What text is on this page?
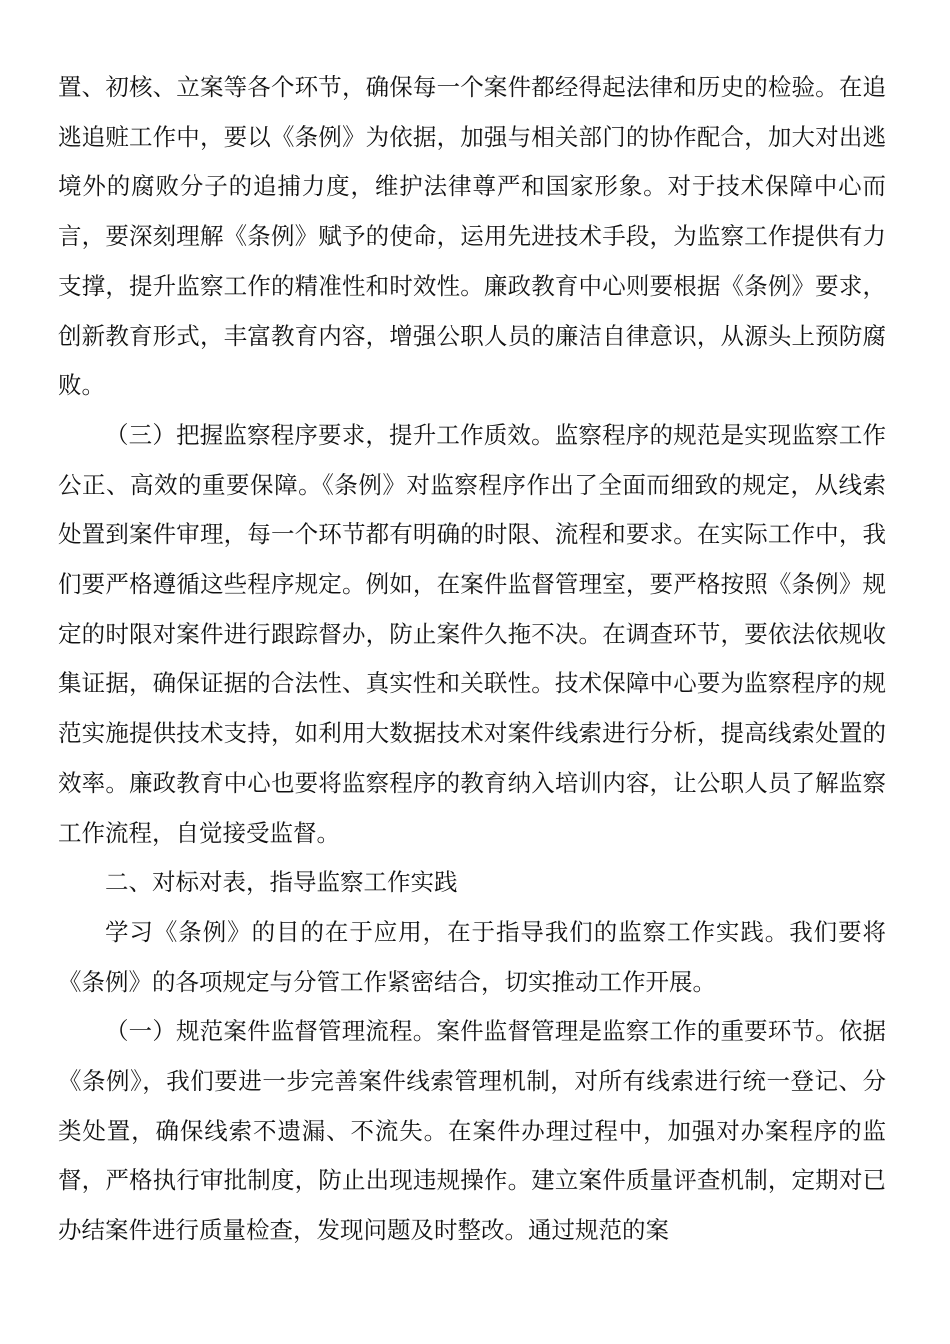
置、初核、立案等各个环节，确保每一个案件都经得起法律和历史的检验。在追逃追赃工作中，要以《条例》为依据，加强与相关部门的协作配合，加大对出逃境外的腐败分子的追捕力度，维护法律尊严和国家形象。对于技术保障中心而言，要深刻理解《条例》赋予的使命，运用先进技术手段，为监察工作提供有力支撑，提升监察工作的精准性和时效性。廉政教育中心则要根据《条例》要求，创新教育形式，丰富教育内容，增强公职人员的廉洁自律意识，从源头上预防腐败。

（三）把握监察程序要求，提升工作质效。监察程序的规范是实现监察工作公正、高效的重要保障。《条例》对监察程序作出了全面而细致的规定，从线索处置到案件审理，每一个环节都有明确的时限、流程和要求。在实际工作中，我们要严格遵循这些程序规定。例如，在案件监督管理室，要严格按照《条例》规定的时限对案件进行跟踪督办，防止案件久拖不决。在调查环节，要依法依规收集证据，确保证据的合法性、真实性和关联性。技术保障中心要为监察程序的规范实施提供技术支持，如利用大数据技术对案件线索进行分析，提高线索处置的效率。廉政教育中心也要将监察程序的教育纳入培训内容，让公职人员了解监察工作流程，自觉接受监督。

二、对标对表，指导监察工作实践

学习《条例》的目的在于应用，在于指导我们的监察工作实践。我们要将《条例》的各项规定与分管工作紧密结合，切实推动工作开展。

（一）规范案件监督管理流程。案件监督管理是监察工作的重要环节。依据《条例》，我们要进一步完善案件线索管理机制，对所有线索进行统一登记、分类处置，确保线索不遗漏、不流失。在案件办理过程中，加强对办案程序的监督，严格执行审批制度，防止出现违规操作。建立案件质量评查机制，定期对已办结案件进行质量检查，发现问题及时整改。通过规范的案
